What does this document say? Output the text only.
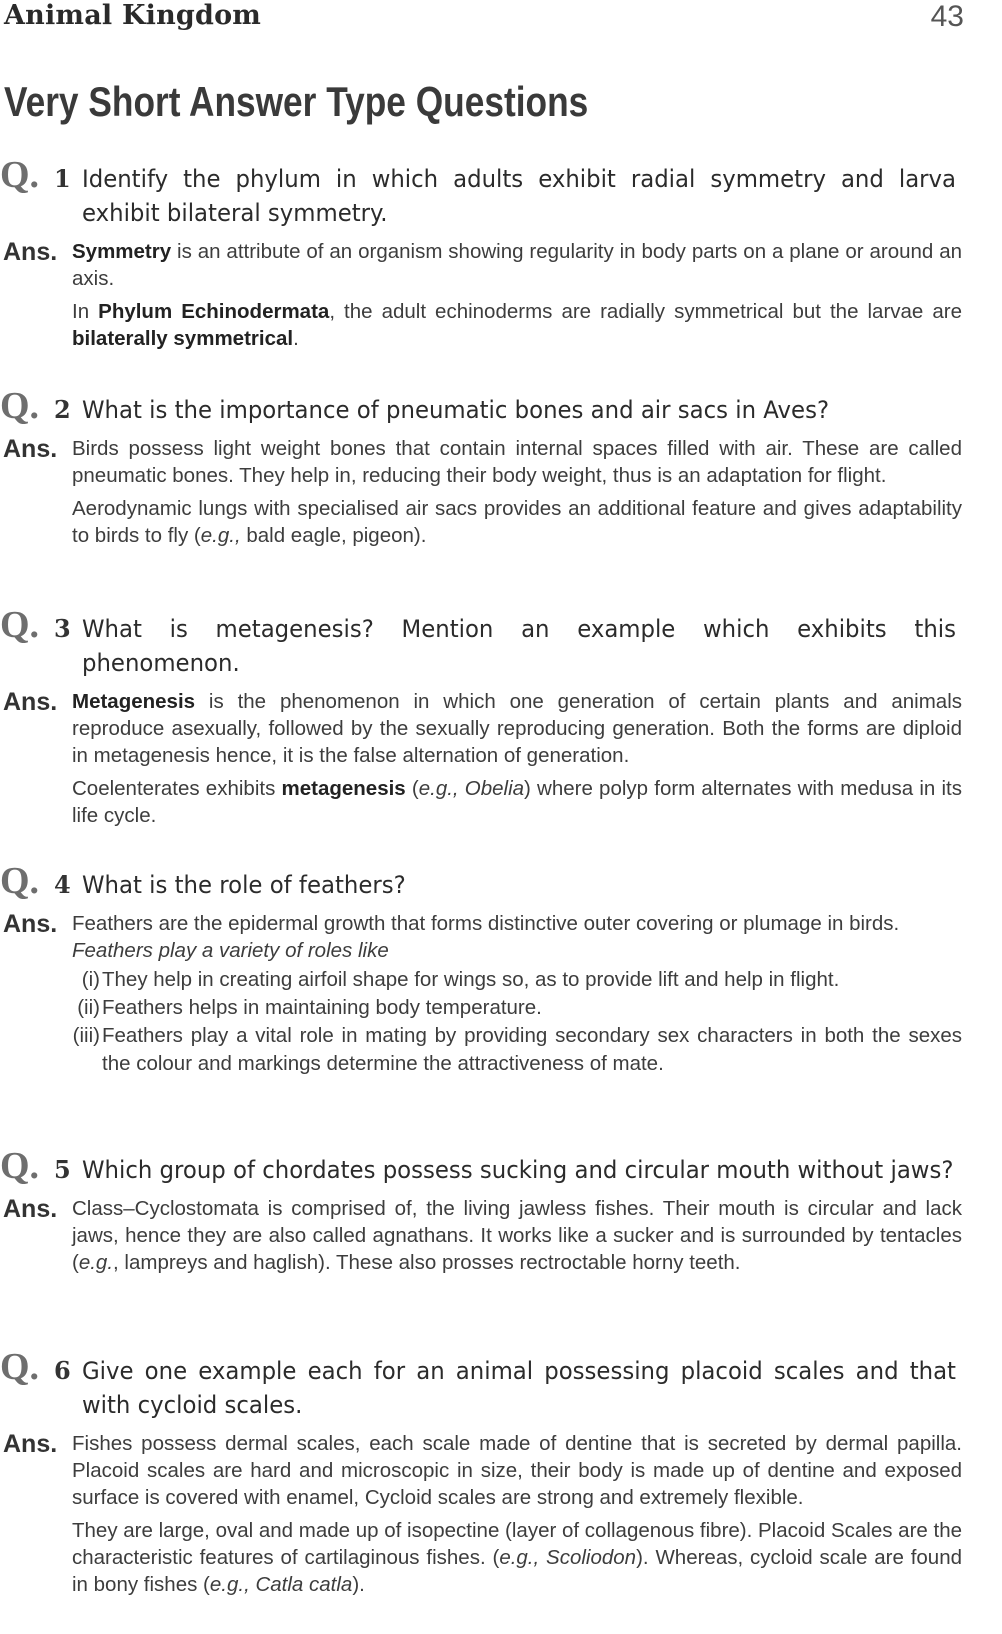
Animal Kingdom	43
Very Short Answer Type Questions
Q. 1 Identify the phylum in which adults exhibit radial symmetry and larva exhibit bilateral symmetry.
Ans. Symmetry is an attribute of an organism showing regularity in body parts on a plane or around an axis.
In Phylum Echinodermata, the adult echinoderms are radially symmetrical but the larvae are bilaterally symmetrical.
Q. 2 What is the importance of pneumatic bones and air sacs in Aves?
Ans. Birds possess light weight bones that contain internal spaces filled with air. These are called pneumatic bones. They help in, reducing their body weight, thus is an adaptation for flight.
Aerodynamic lungs with specialised air sacs provides an additional feature and gives adaptability to birds to fly (e.g., bald eagle, pigeon).
Q. 3 What is metagenesis? Mention an example which exhibits this phenomenon.
Ans. Metagenesis is the phenomenon in which one generation of certain plants and animals reproduce asexually, followed by the sexually reproducing generation. Both the forms are diploid in metagenesis hence, it is the false alternation of generation.
Coelenterates exhibits metagenesis (e.g., Obelia) where polyp form alternates with medusa in its life cycle.
Q. 4 What is the role of feathers?
Ans. Feathers are the epidermal growth that forms distinctive outer covering or plumage in birds.
Feathers play a variety of roles like
(i) They help in creating airfoil shape for wings so, as to provide lift and help in flight.
(ii) Feathers helps in maintaining body temperature.
(iii) Feathers play a vital role in mating by providing secondary sex characters in both the sexes the colour and markings determine the attractiveness of mate.
Q. 5 Which group of chordates possess sucking and circular mouth without jaws?
Ans. Class–Cyclostomata is comprised of, the living jawless fishes. Their mouth is circular and lack jaws, hence they are also called agnathans. It works like a sucker and is surrounded by tentacles (e.g., lampreys and haglish). These also prosses rectroctable horny teeth.
Q. 6 Give one example each for an animal possessing placoid scales and that with cycloid scales.
Ans. Fishes possess dermal scales, each scale made of dentine that is secreted by dermal papilla. Placoid scales are hard and microscopic in size, their body is made up of dentine and exposed surface is covered with enamel, Cycloid scales are strong and extremely flexible.
They are large, oval and made up of isopectine (layer of collagenous fibre). Placoid Scales are the characteristic features of cartilaginous fishes. (e.g., Scoliodon). Whereas, cycloid scale are found in bony fishes (e.g., Catla catla).
